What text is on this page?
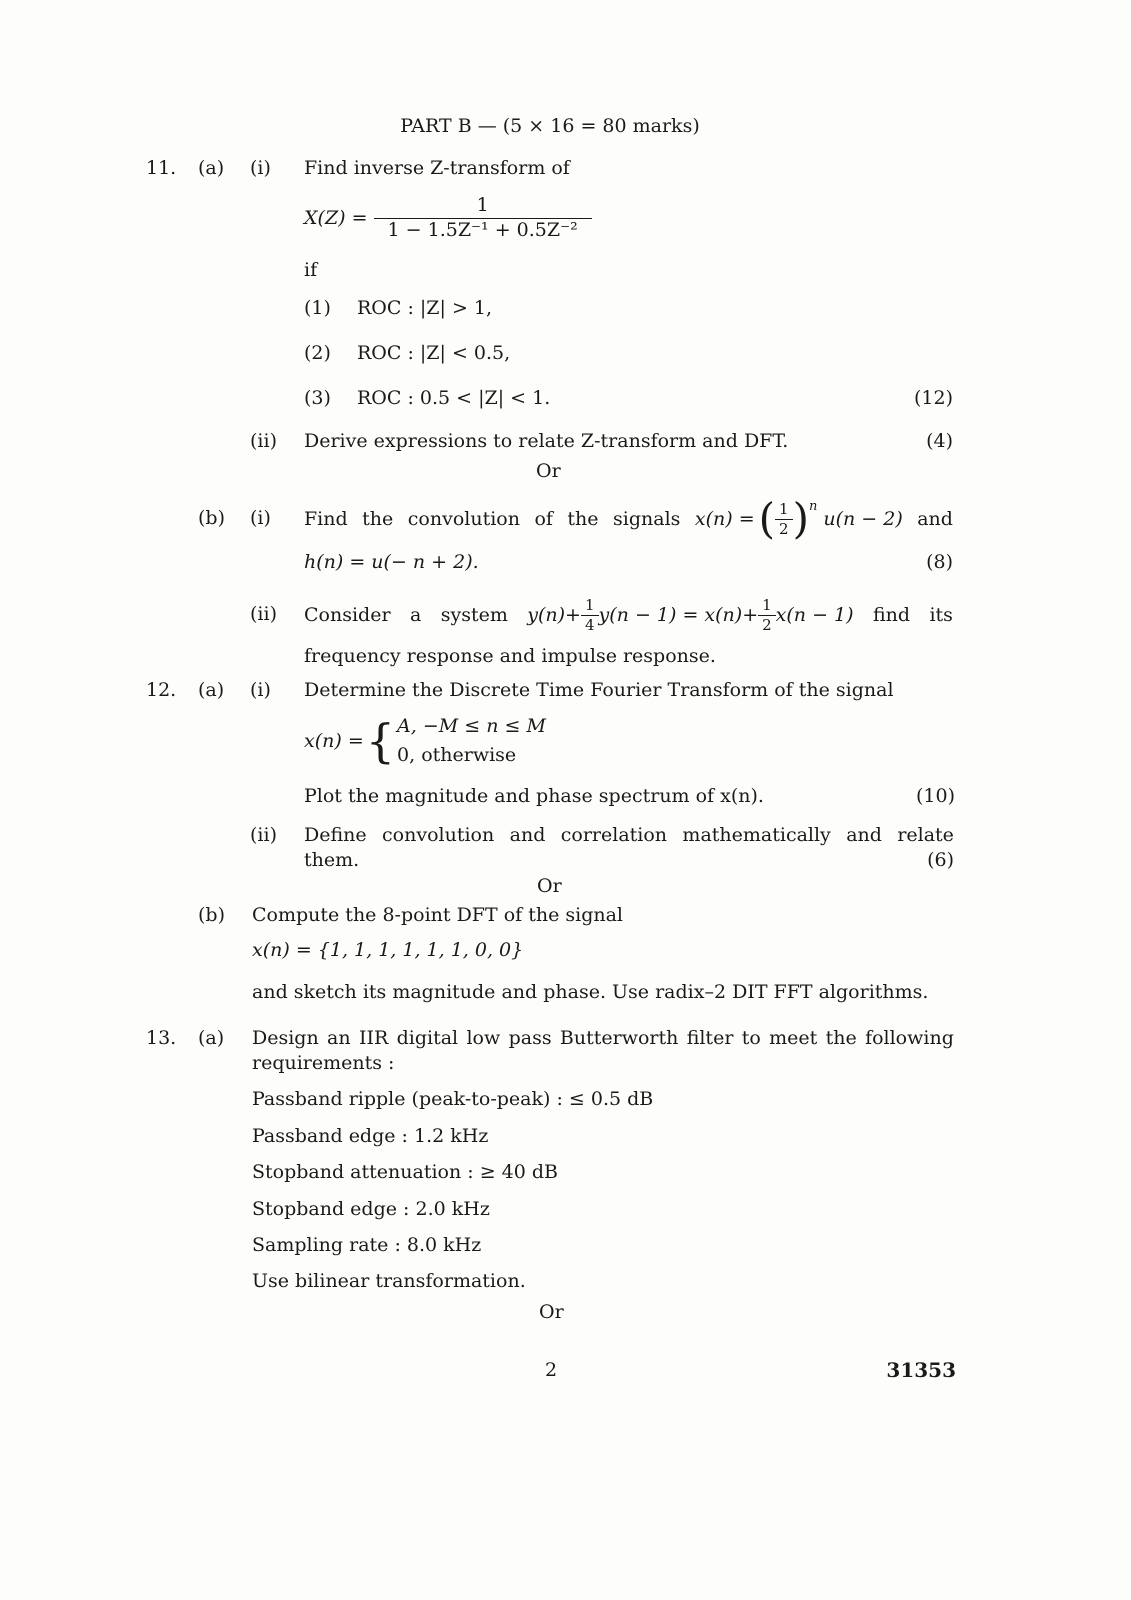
PART B — (5 × 16 = 80 marks)
11. (a) (i) Find inverse Z-transform of
$X(Z) = \frac{1}{\text{1 − 1.5Z⁻¹ + 0.5Z⁻²}}$
if
(1) ROC : |Z| > 1,
(2) ROC : |Z| < 0.5,
(3) ROC : 0.5 < |Z| < 1.	(12)
(ii) Derive expressions to relate Z-transform and DFT.	(4)
Or
(b) (i) Find the convolution of the signals x(n) = ( $\frac{1}{2}$ ) n
u(n − 2) and
h(n) = u(− n + 2).	(8)
(ii) Consider a system $y(n)+ \frac{1}{4} y(n - 1) = x(n)+ \frac{1}{2} x(n - 1)$ find its
frequency response and impulse response.
12. (a) (i) Determine the Discrete Time Fourier Transform of the signal
x(n) = { A, −M ≤ n ≤ M
0, otherwise
Plot the magnitude and phase spectrum of x(n).	(10)
(ii) Define convolution and correlation mathematically and relate
them.	(6)
Or
(b) Compute the 8-point DFT of the signal
x(n) = {1, 1, 1, 1, 1, 1, 0, 0}
and sketch its magnitude and phase. Use radix–2 DIT FFT algorithms.
13. (a) Design an IIR digital low pass Butterworth filter to meet the following
requirements :
Passband ripple (peak-to-peak) : ≤ 0.5 dB
Passband edge : 1.2 kHz
Stopband attenuation : ≥ 40 dB
Stopband edge : 2.0 kHz
Sampling rate : 8.0 kHz
Use bilinear transformation.
Or
2	31353
